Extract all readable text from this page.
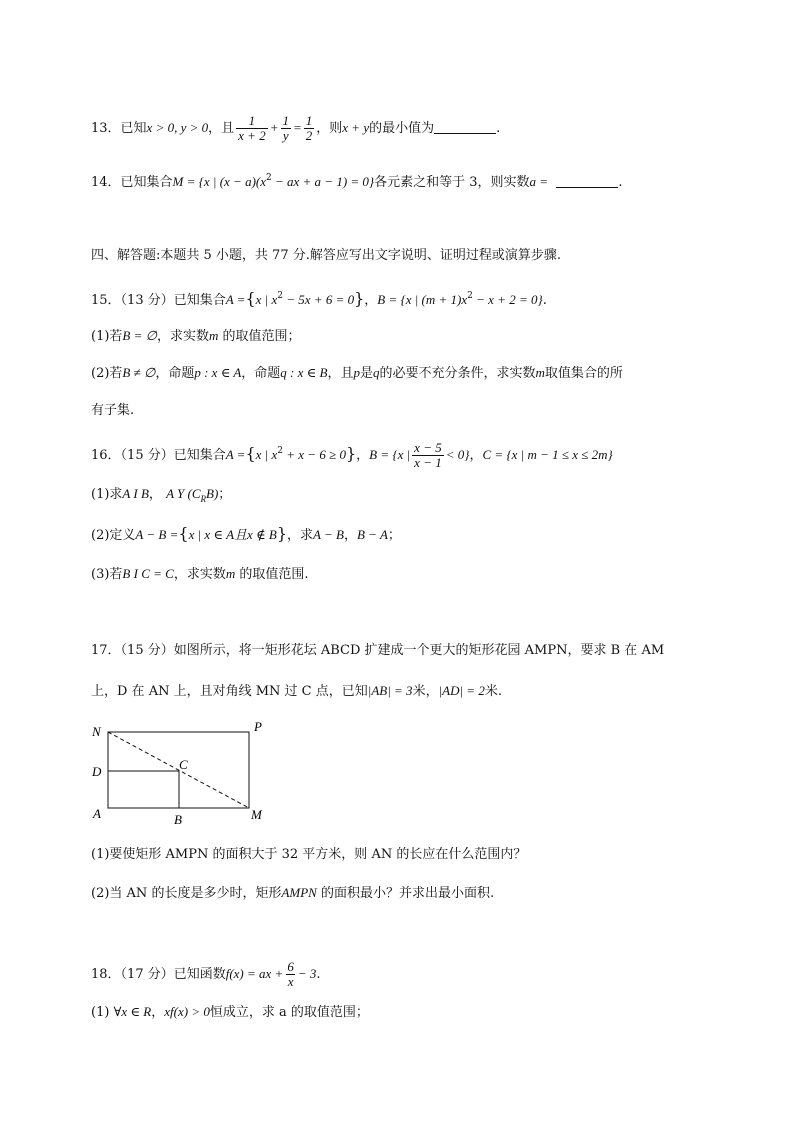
13．已知x > 0, y > 0，且 $\frac{1}{x + 2} + \frac{1}{y} = \frac{1}{2}$ ，则x + y的最小值为	.
14．已知集合M = {x | $(x - a)(x^2$ − ax + a − 1) = 0}各元素之和等于 3，则实数a =	.
四、解答题:本题共 5 小题，共 77 分.解答应写出文字说明、证明过程或演算步骤.
15．（13 分）已知集合A ={x | $x^2 - 5x + 6 = 0$}，B = {x | $(m + 1)x^2 - x + 2 = 0$}.
(1)若B = ∅，求实数m 的取值范围；
(2)若B ≠ ∅，命题p : x ∈ A，命题q : x ∈ B，且p是q的必要不充分条件，求实数m取值集合的所
有子集.
16．（15 分）已知集合A ={x | $x^2 + x - 6 \ge 0$}，B = {x | $\frac{x - 5}{x - 1} < 0$}，C = {x | m − 1 ≤ x ≤ 2m}
(1)求A I B， A Y $(C_RB)$；
(2)定义A − B ={x | x ∈ A且x ∉ B}，求A − B，B − A；
(3)若B I C = C，求实数m 的取值范围.
17．（15 分）如图所示，将一矩形花坛 ABCD 扩建成一个更大的矩形花园 AMPN，要求 B 在 AM
上，D 在 AN 上，且对角线 MN 过 C 点，已知|AB| = 3米，|AD| = 2米.
N	P
D	C
A	B	M
(1)要使矩形 AMPN 的面积大于 32 平方米，则 AN 的长应在什么范围内？
(2)当 AN 的长度是多少时，矩形AMPN 的面积最小？并求出最小面积.
18．（17 分）已知函数f(x) = ax + $\frac{6}{x} - 3$.
(1) ∀x ∈ R，xf(x) > 0恒成立，求 a 的取值范围；
